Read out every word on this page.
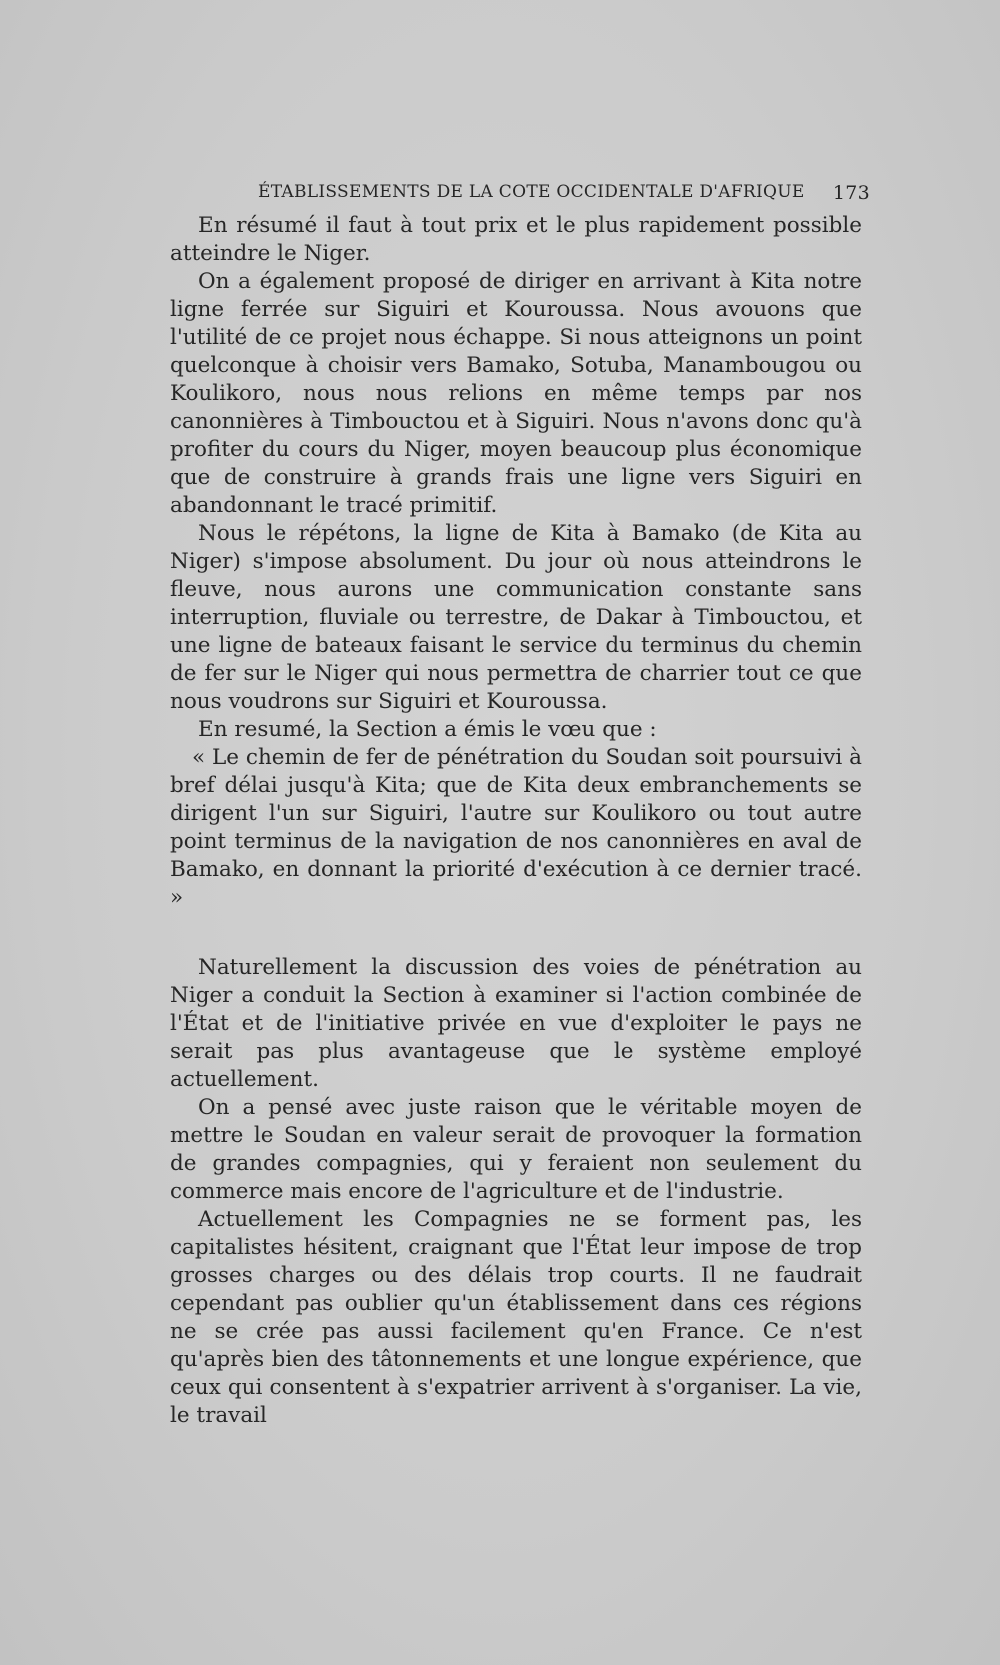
ÉTABLISSEMENTS DE LA COTE OCCIDENTALE D'AFRIQUE 173

En résumé il faut à tout prix et le plus rapidement possible atteindre le Niger.

On a également proposé de diriger en arrivant à Kita notre ligne ferrée sur Siguiri et Kouroussa. Nous avouons que l'utilité de ce projet nous échappe. Si nous atteignons un point quelconque à choisir vers Bamako, Sotuba, Manambougou ou Koulikoro, nous nous relions en même temps par nos canonnières à Timbouctou et à Siguiri. Nous n'avons donc qu'à profiter du cours du Niger, moyen beaucoup plus économique que de construire à grands frais une ligne vers Siguiri en abandonnant le tracé primitif.

Nous le répétons, la ligne de Kita à Bamako (de Kita au Niger) s'impose absolument. Du jour où nous atteindrons le fleuve, nous aurons une communication constante sans interruption, fluviale ou terrestre, de Dakar à Timbouctou, et une ligne de bateaux faisant le service du terminus du chemin de fer sur le Niger qui nous permettra de charrier tout ce que nous voudrons sur Siguiri et Kouroussa.

En resumé, la Section a émis le vœu que :

« Le chemin de fer de pénétration du Soudan soit poursuivi à bref délai jusqu'à Kita; que de Kita deux embranchements se dirigent l'un sur Siguiri, l'autre sur Koulikoro ou tout autre point terminus de la navigation de nos canonnières en aval de Bamako, en donnant la priorité d'exécution à ce dernier tracé. »

Naturellement la discussion des voies de pénétration au Niger a conduit la Section à examiner si l'action combinée de l'État et de l'initiative privée en vue d'exploiter le pays ne serait pas plus avantageuse que le système employé actuellement.

On a pensé avec juste raison que le véritable moyen de mettre le Soudan en valeur serait de provoquer la formation de grandes compagnies, qui y feraient non seulement du commerce mais encore de l'agriculture et de l'industrie.

Actuellement les Compagnies ne se forment pas, les capitalistes hésitent, craignant que l'État leur impose de trop grosses charges ou des délais trop courts. Il ne faudrait cependant pas oublier qu'un établissement dans ces régions ne se crée pas aussi facilement qu'en France. Ce n'est qu'après bien des tâtonnements et une longue expérience, que ceux qui consentent à s'expatrier arrivent à s'organiser. La vie, le travail
